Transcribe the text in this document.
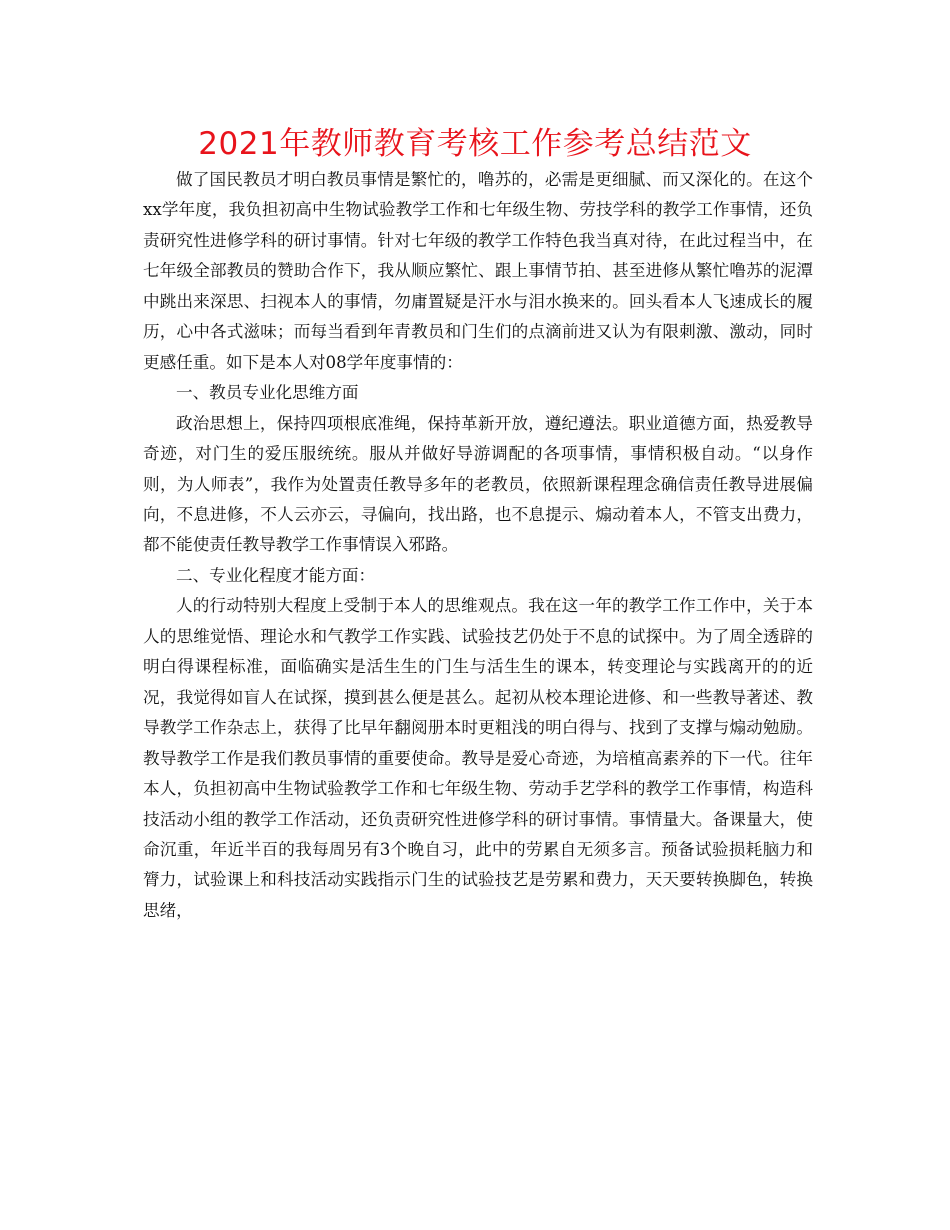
2021年教师教育考核工作参考总结范文

做了国民教员才明白教员事情是繁忙的，噜苏的，必需是更细腻、而又深化的。在这个xx学年度，我负担初高中生物试验教学工作和七年级生物、劳技学科的教学工作事情，还负责研究性进修学科的研讨事情。针对七年级的教学工作特色我当真对待，在此过程当中，在七年级全部教员的赞助合作下，我从顺应繁忙、跟上事情节拍、甚至进修从繁忙噜苏的泥潭中跳出来深思、扫视本人的事情，勿庸置疑是汗水与泪水换来的。回头看本人飞速成长的履历，心中各式滋味；而每当看到年青教员和门生们的点滴前进又认为有限刺激、激动，同时更感任重。如下是本人对08学年度事情的：

一、教员专业化思维方面

政治思想上，保持四项根底准绳，保持革新开放，遵纪遵法。职业道德方面，热爱教导奇迹，对门生的爱压服统统。服从并做好导游调配的各项事情，事情积极自动。“以身作则，为人师表”，我作为处置责任教导多年的老教员，依照新课程理念确信责任教导进展偏向，不息进修，不人云亦云，寻偏向，找出路，也不息提示、煽动着本人，不管支出费力，都不能使责任教导教学工作事情误入邪路。

二、专业化程度才能方面：

人的行动特别大程度上受制于本人的思维观点。我在这一年的教学工作工作中，关于本人的思维觉悟、理论水和气教学工作实践、试验技艺仍处于不息的试探中。为了周全透辟的明白得课程标准，面临确实是活生生的门生与活生生的课本，转变理论与实践离开的的近况，我觉得如盲人在试探，摸到甚么便是甚么。起初从校本理论进修、和一些教导著述、教导教学工作杂志上，获得了比早年翻阅册本时更粗浅的明白得与、找到了支撑与煽动勉励。教导教学工作是我们教员事情的重要使命。教导是爱心奇迹，为培植高素养的下一代。往年本人，负担初高中生物试验教学工作和七年级生物、劳动手艺学科的教学工作事情，构造科技活动小组的教学工作活动，还负责研究性进修学科的研讨事情。事情量大。备课量大，使命沉重，年近半百的我每周另有3个晚自习，此中的劳累自无须多言。预备试验损耗脑力和膂力，试验课上和科技活动实践指示门生的试验技艺是劳累和费力，天天要转换脚色，转换思绪，
